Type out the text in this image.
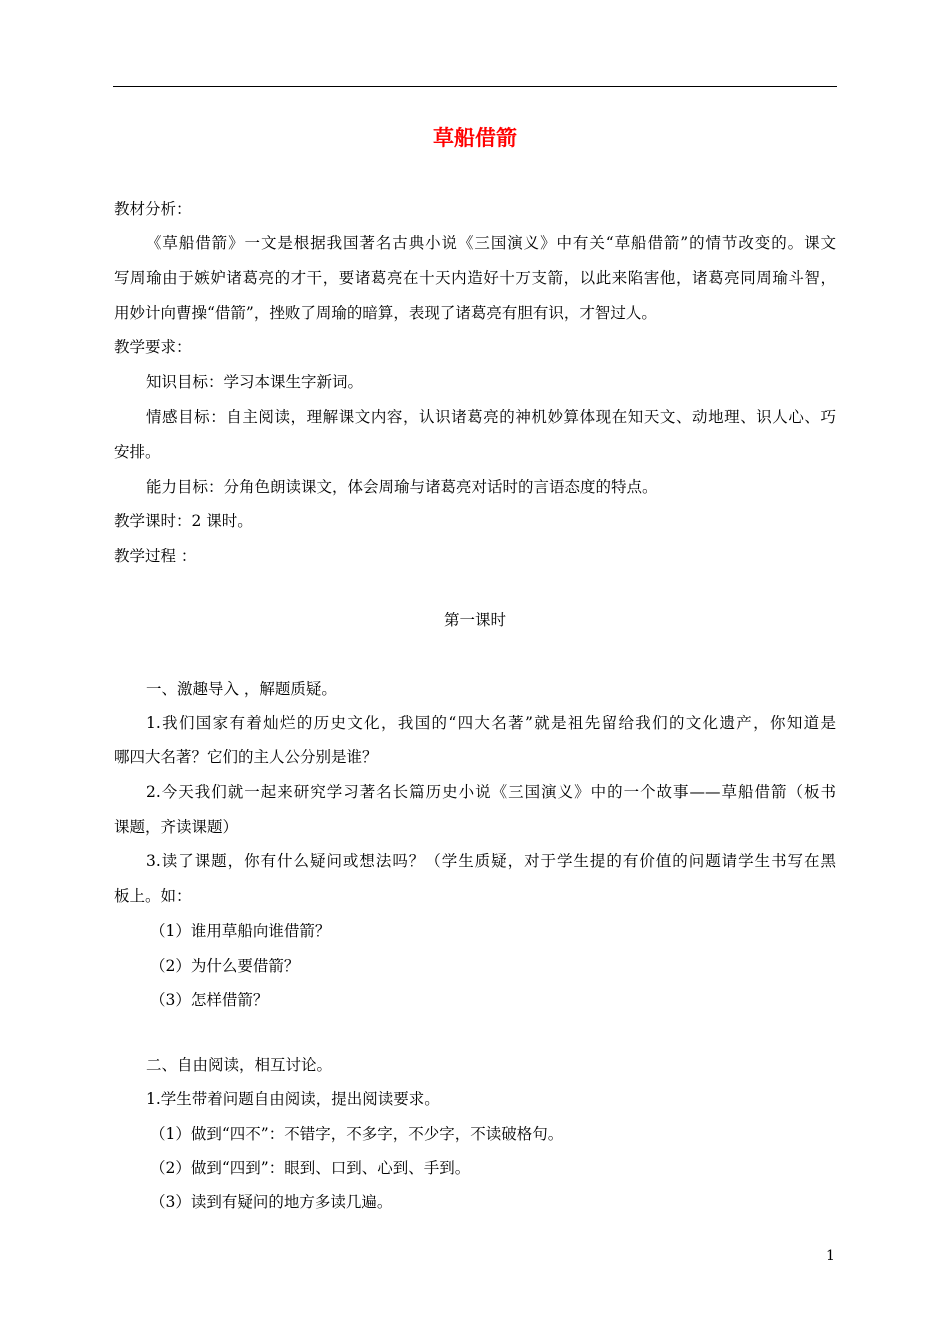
草船借箭
教材分析：
《草船借箭》一文是根据我国著名古典小说《三国演义》中有关“草船借箭”的情节改变的。课文
写周瑜由于嫉妒诸葛亮的才干，要诸葛亮在十天内造好十万支箭，以此来陷害他，诸葛亮同周瑜斗智，
用妙计向曹操“借箭”，挫败了周瑜的暗算，表现了诸葛亮有胆有识，才智过人。
教学要求：
知识目标：学习本课生字新词。
情感目标：自主阅读，理解课文内容，认识诸葛亮的神机妙算体现在知天文、动地理、识人心、巧
安排。
能力目标：分角色朗读课文，体会周瑜与诸葛亮对话时的言语态度的特点。
教学课时：2 课时。
教学过程 ：
第一课时
一、激趣导入 ，解题质疑。
1.我们国家有着灿烂的历史文化，我国的“四大名著”就是祖先留给我们的文化遗产，你知道是
哪四大名著？它们的主人公分别是谁？
2.今天我们就一起来研究学习著名长篇历史小说《三国演义》中的一个故事——草船借箭（板书
课题，齐读课题）
3.读了课题，你有什么疑问或想法吗？（学生质疑，对于学生提的有价值的问题请学生书写在黑
板上。如：
（1）谁用草船向谁借箭？
（2）为什么要借箭？
（3）怎样借箭？
二、自由阅读，相互讨论。
1.学生带着问题自由阅读，提出阅读要求。
（1）做到“四不”：不错字，不多字，不少字，不读破格句。
（2）做到“四到”：眼到、口到、心到、手到。
（3）读到有疑问的地方多读几遍。
1
